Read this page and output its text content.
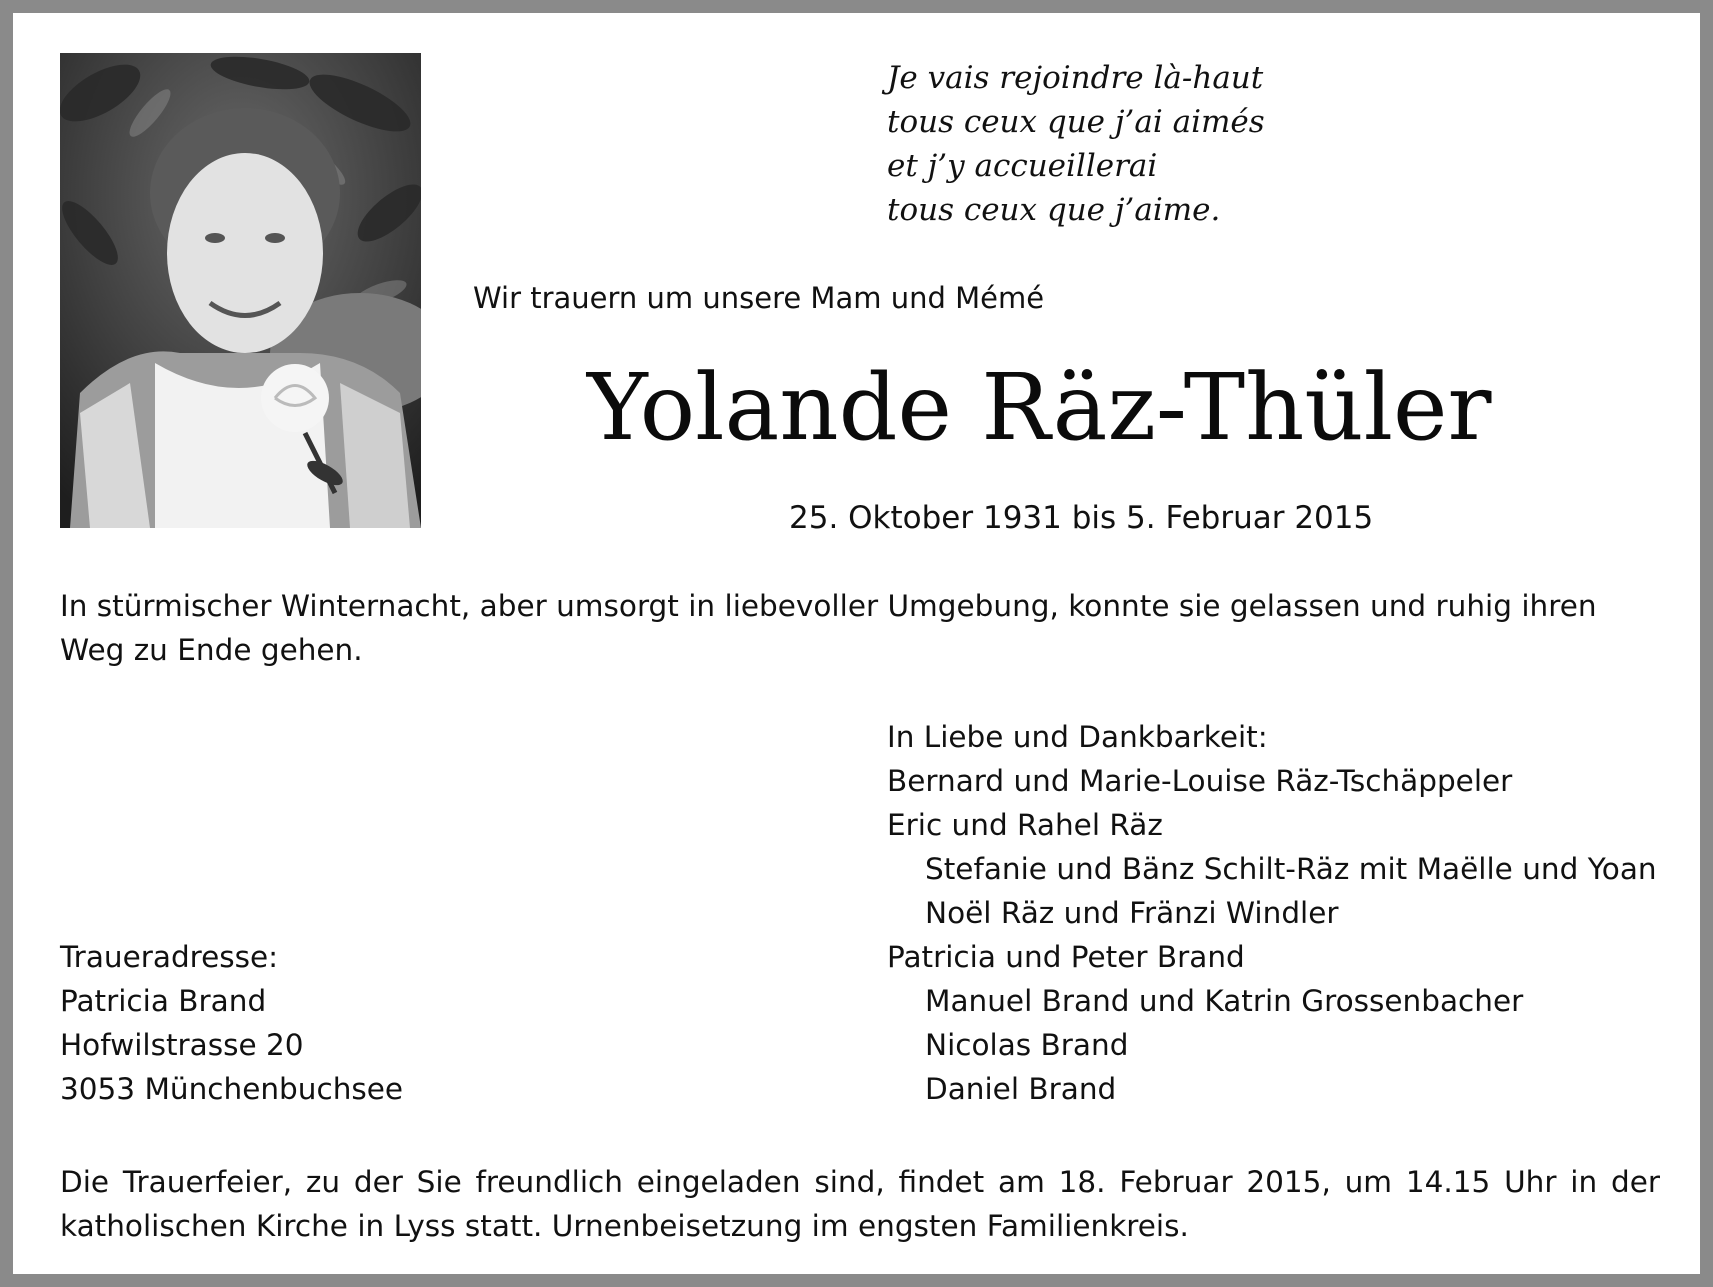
Je vais rejoindre là-haut
tous ceux que j’ai aimés
et j’y accueillerai
tous ceux que j’aime.
Wir trauern um unsere Mam und Mémé
Yolande Räz-Thüler
25. Oktober 1931 bis 5. Februar 2015
In stürmischer Winternacht, aber umsorgt in liebevoller Umgebung, konnte sie gelassen und ruhig ihren Weg zu Ende gehen.
In Liebe und Dankbarkeit:
Bernard und Marie-Louise Räz-Tschäppeler
Eric und Rahel Räz
Stefanie und Bänz Schilt-Räz mit Maëlle und Yoan
Noël Räz und Fränzi Windler
Patricia und Peter Brand
Manuel Brand und Katrin Grossenbacher
Nicolas Brand
Daniel Brand
Traueradresse:
Patricia Brand
Hofwilstrasse 20
3053 Münchenbuchsee
Die Trauerfeier, zu der Sie freundlich eingeladen sind, findet am 18. Februar 2015, um 14.15 Uhr in der katholischen Kirche in Lyss statt. Urnenbeisetzung im engsten Familienkreis.
